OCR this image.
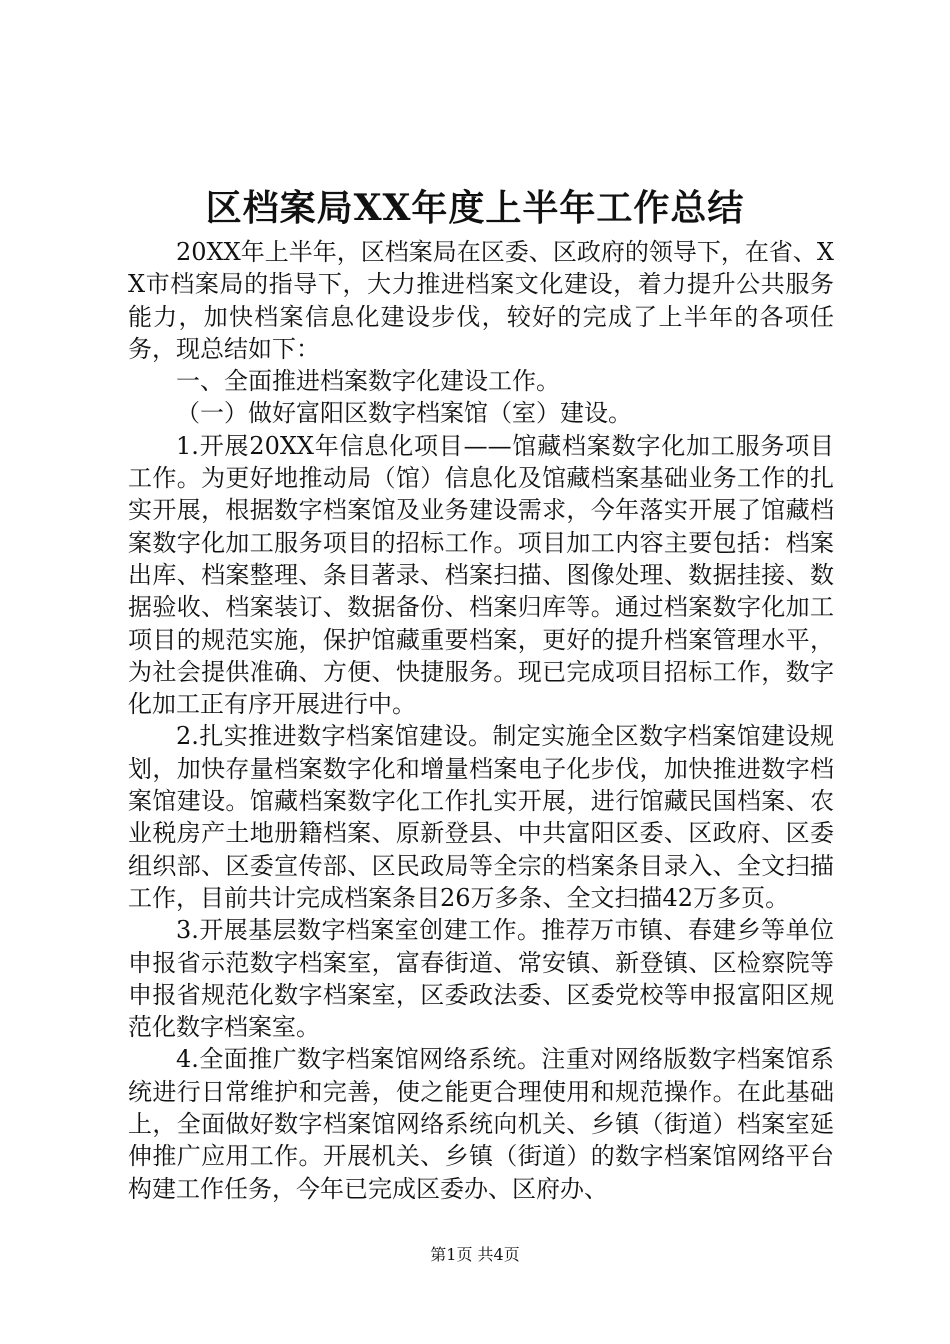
区档案局XX年度上半年工作总结

20XX年上半年，区档案局在区委、区政府的领导下，在省、XX市档案局的指导下，大力推进档案文化建设，着力提升公共服务能力，加快档案信息化建设步伐，较好的完成了上半年的各项任务，现总结如下：

一、全面推进档案数字化建设工作。

（一）做好富阳区数字档案馆（室）建设。

1.开展20XX年信息化项目——馆藏档案数字化加工服务项目工作。为更好地推动局（馆）信息化及馆藏档案基础业务工作的扎实开展，根据数字档案馆及业务建设需求，今年落实开展了馆藏档案数字化加工服务项目的招标工作。项目加工内容主要包括：档案出库、档案整理、条目著录、档案扫描、图像处理、数据挂接、数据验收、档案装订、数据备份、档案归库等。通过档案数字化加工项目的规范实施，保护馆藏重要档案，更好的提升档案管理水平，为社会提供准确、方便、快捷服务。现已完成项目招标工作，数字化加工正有序开展进行中。

2.扎实推进数字档案馆建设。制定实施全区数字档案馆建设规划，加快存量档案数字化和增量档案电子化步伐，加快推进数字档案馆建设。馆藏档案数字化工作扎实开展，进行馆藏民国档案、农业税房产土地册籍档案、原新登县、中共富阳区委、区政府、区委组织部、区委宣传部、区民政局等全宗的档案条目录入、全文扫描工作，目前共计完成档案条目26万多条、全文扫描42万多页。

3.开展基层数字档案室创建工作。推荐万市镇、春建乡等单位申报省示范数字档案室，富春街道、常安镇、新登镇、区检察院等申报省规范化数字档案室，区委政法委、区委党校等申报富阳区规范化数字档案室。

4.全面推广数字档案馆网络系统。注重对网络版数字档案馆系统进行日常维护和完善，使之能更合理使用和规范操作。在此基础上，全面做好数字档案馆网络系统向机关、乡镇（街道）档案室延伸推广应用工作。开展机关、乡镇（街道）的数字档案馆网络平台构建工作任务，今年已完成区委办、区府办、

第1页 共4页
